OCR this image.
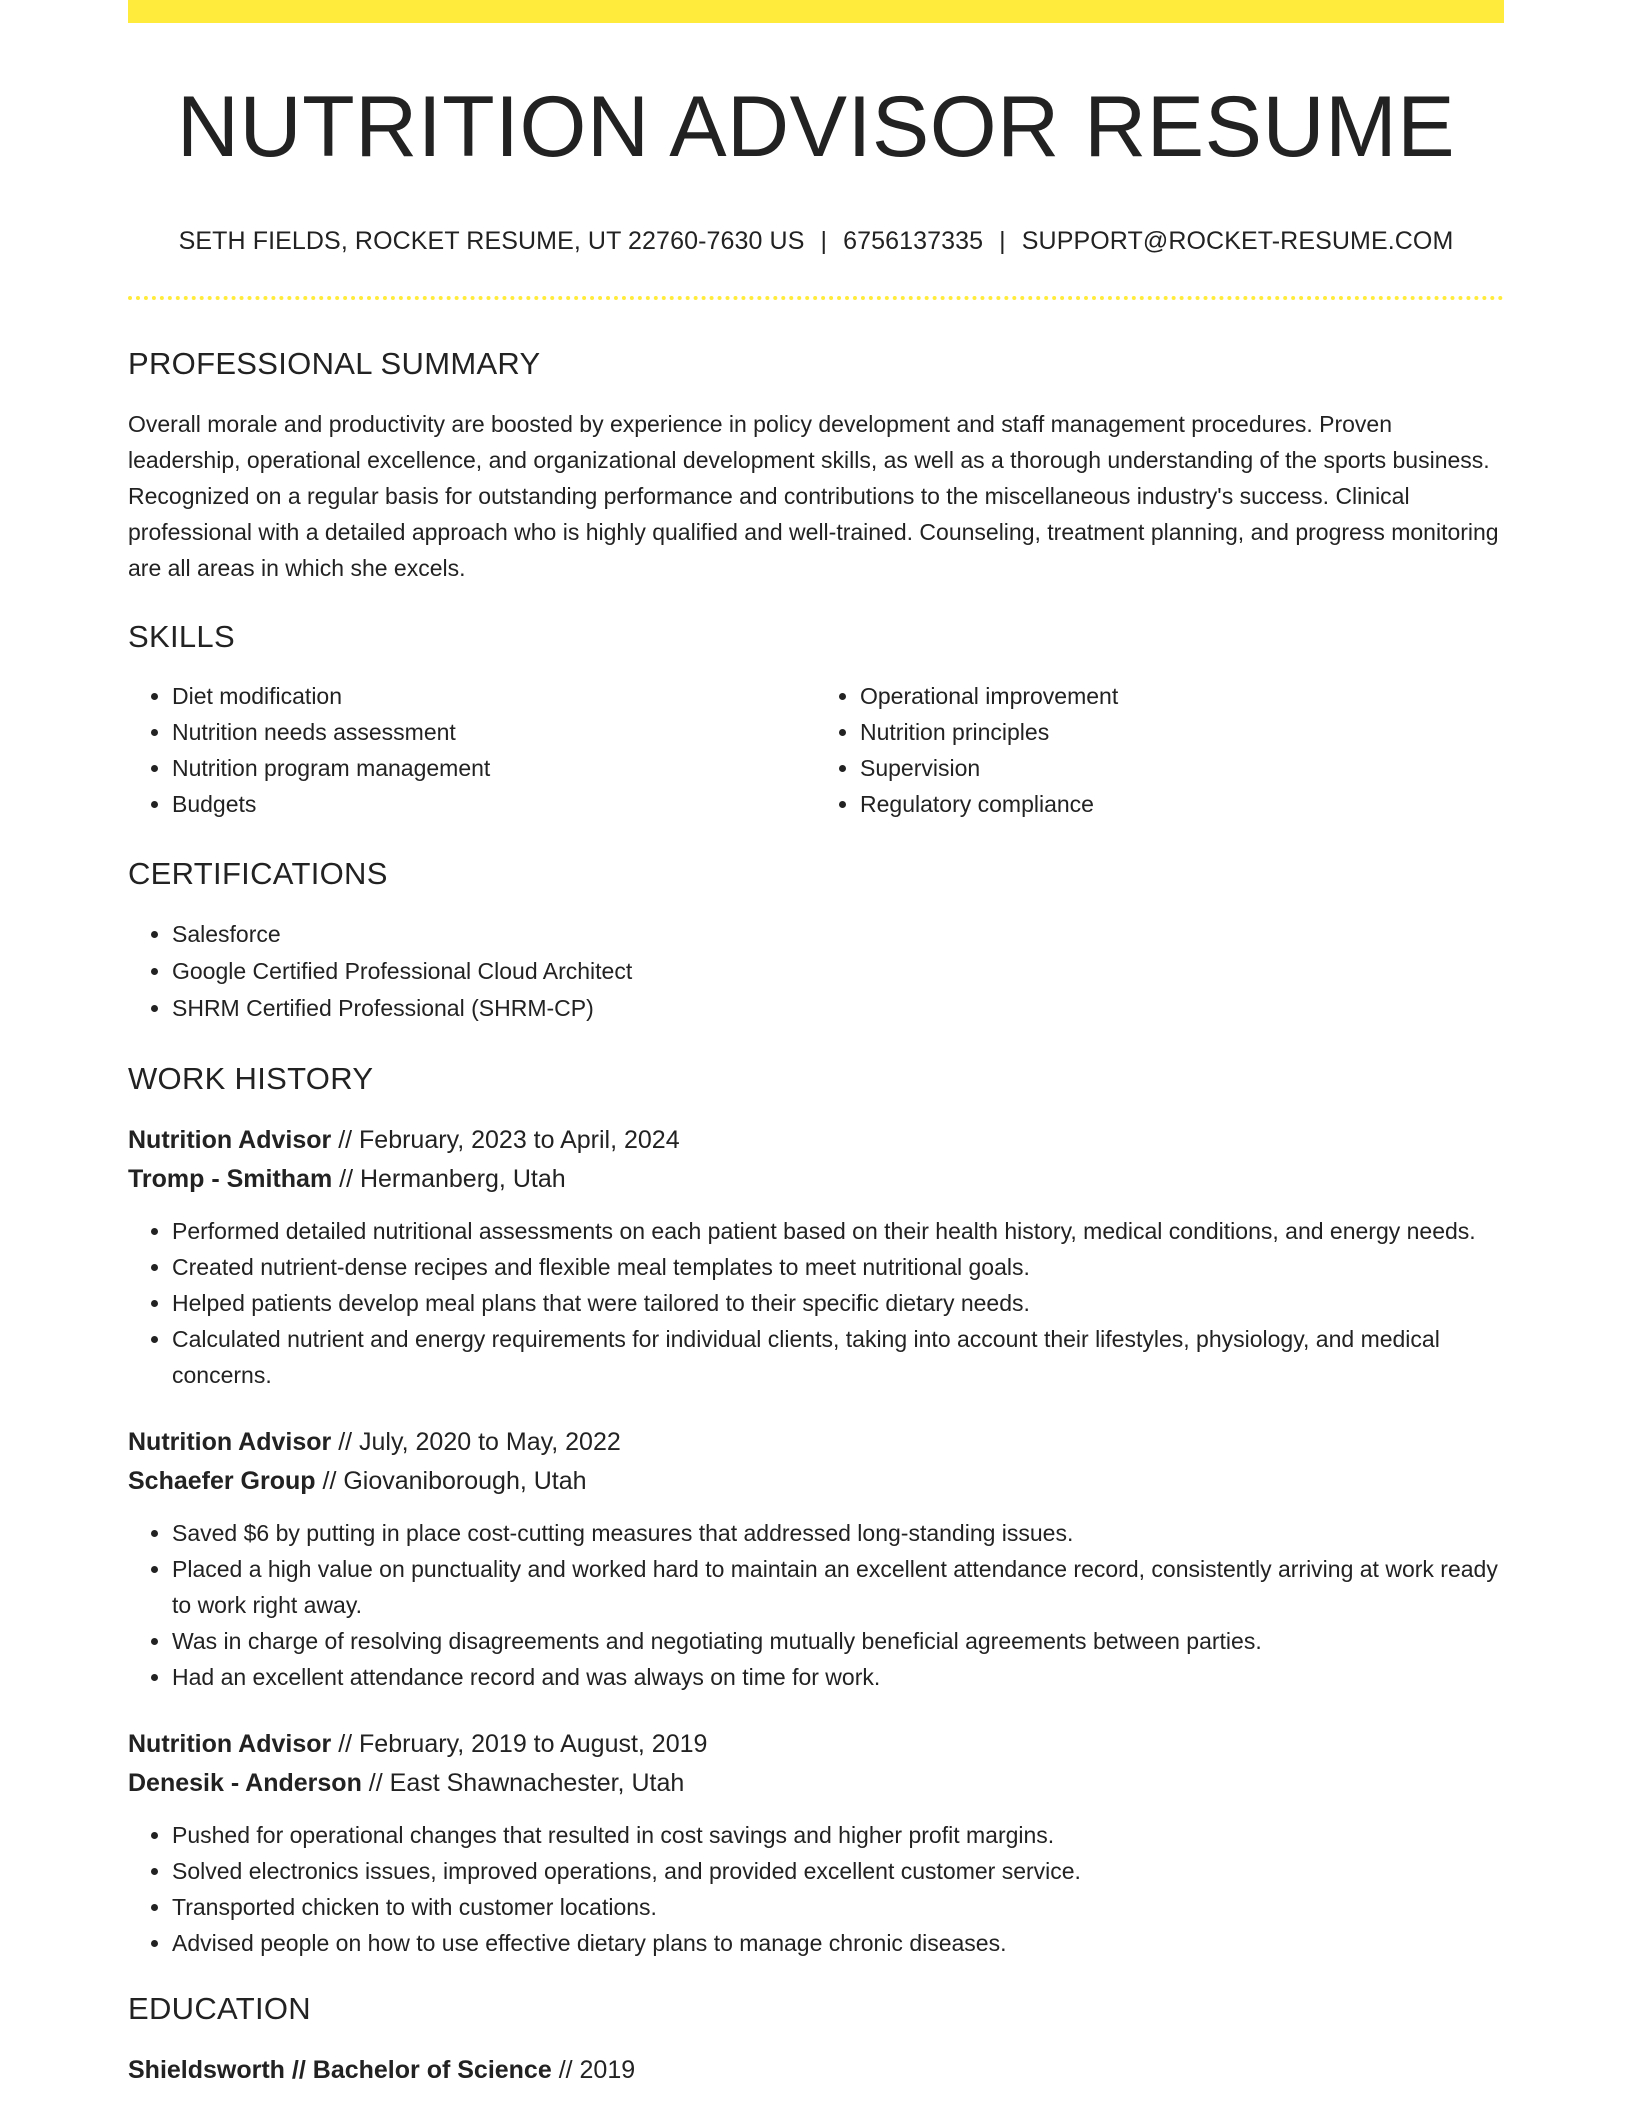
NUTRITION ADVISOR RESUME
SETH FIELDS, ROCKET RESUME, UT 22760-7630 US | 6756137335 | SUPPORT@ROCKET-RESUME.COM
PROFESSIONAL SUMMARY

Overall morale and productivity are boosted by experience in policy development and staff management procedures. Proven leadership, operational excellence, and organizational development skills, as well as a thorough understanding of the sports business. Recognized on a regular basis for outstanding performance and contributions to the miscellaneous industry's success. Clinical professional with a detailed approach who is highly qualified and well-trained. Counseling, treatment planning, and progress monitoring are all areas in which she excels.

SKILLS
• Diet modification
• Nutrition needs assessment
• Nutrition program management
• Budgets
• Operational improvement
• Nutrition principles
• Supervision
• Regulatory compliance
CERTIFICATIONS
• Salesforce
• Google Certified Professional Cloud Architect
• SHRM Certified Professional (SHRM-CP)
WORK HISTORY
Nutrition Advisor // February, 2023 to April, 2024
Tromp - Smitham // Hermanberg, Utah
• Performed detailed nutritional assessments on each patient based on their health history, medical conditions, and energy needs.
• Created nutrient-dense recipes and flexible meal templates to meet nutritional goals.
• Helped patients develop meal plans that were tailored to their specific dietary needs.
• Calculated nutrient and energy requirements for individual clients, taking into account their lifestyles, physiology, and medical concerns.
Nutrition Advisor // July, 2020 to May, 2022
Schaefer Group // Giovaniborough, Utah
• Saved $6 by putting in place cost-cutting measures that addressed long-standing issues.
• Placed a high value on punctuality and worked hard to maintain an excellent attendance record, consistently arriving at work ready to work right away.
• Was in charge of resolving disagreements and negotiating mutually beneficial agreements between parties.
• Had an excellent attendance record and was always on time for work.
Nutrition Advisor // February, 2019 to August, 2019
Denesik - Anderson // East Shawnachester, Utah
• Pushed for operational changes that resulted in cost savings and higher profit margins.
• Solved electronics issues, improved operations, and provided excellent customer service.
• Transported chicken to with customer locations.
• Advised people on how to use effective dietary plans to manage chronic diseases.
EDUCATION
Shieldsworth // Bachelor of Science // 2019
